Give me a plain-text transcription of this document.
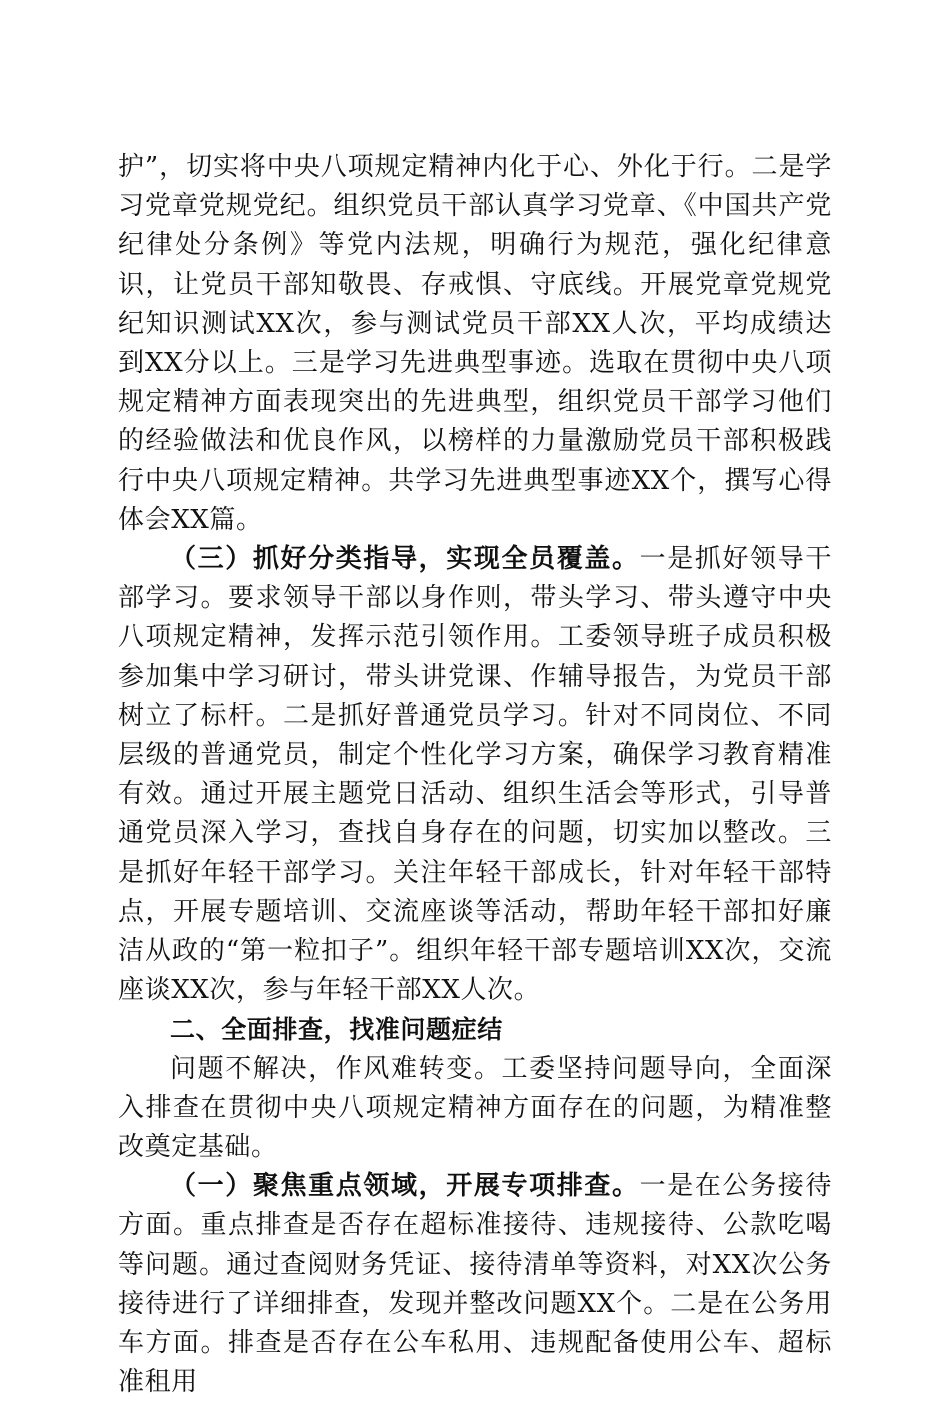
护”，切实将中央八项规定精神内化于心、外化于行。二是学习党章党规党纪。组织党员干部认真学习党章、《中国共产党纪律处分条例》等党内法规，明确行为规范，强化纪律意识，让党员干部知敬畏、存戒惧、守底线。开展党章党规党纪知识测试XX次，参与测试党员干部XX人次，平均成绩达到XX分以上。三是学习先进典型事迹。选取在贯彻中央八项规定精神方面表现突出的先进典型，组织党员干部学习他们的经验做法和优良作风，以榜样的力量激励党员干部积极践行中央八项规定精神。共学习先进典型事迹XX个，撰写心得体会XX篇。

（三）抓好分类指导，实现全员覆盖。一是抓好领导干部学习。要求领导干部以身作则，带头学习、带头遵守中央八项规定精神，发挥示范引领作用。工委领导班子成员积极参加集中学习研讨，带头讲党课、作辅导报告，为党员干部树立了标杆。二是抓好普通党员学习。针对不同岗位、不同层级的普通党员，制定个性化学习方案，确保学习教育精准有效。通过开展主题党日活动、组织生活会等形式，引导普通党员深入学习，查找自身存在的问题，切实加以整改。三是抓好年轻干部学习。关注年轻干部成长，针对年轻干部特点，开展专题培训、交流座谈等活动，帮助年轻干部扣好廉洁从政的“第一粒扣子”。组织年轻干部专题培训XX次，交流座谈XX次，参与年轻干部XX人次。

二、全面排查，找准问题症结

问题不解决，作风难转变。工委坚持问题导向，全面深入排查在贯彻中央八项规定精神方面存在的问题，为精准整改奠定基础。

（一）聚焦重点领域，开展专项排查。一是在公务接待方面。重点排查是否存在超标准接待、违规接待、公款吃喝等问题。通过查阅财务凭证、接待清单等资料，对XX次公务接待进行了详细排查，发现并整改问题XX个。二是在公务用车方面。排查是否存在公车私用、违规配备使用公车、超标准租用
